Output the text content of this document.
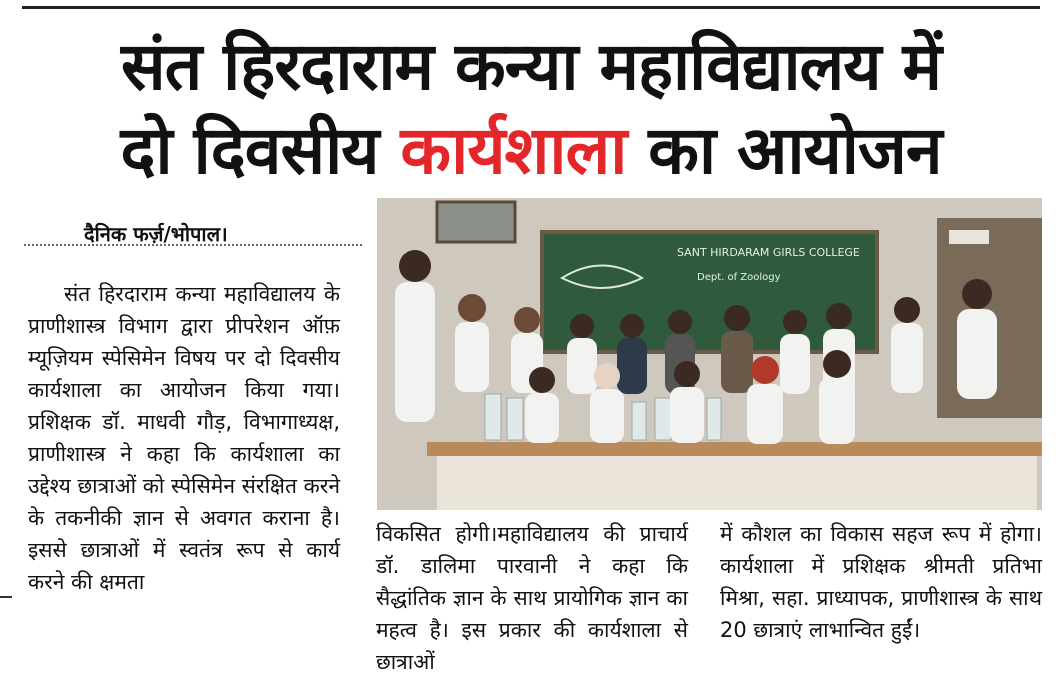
संत हिरदाराम कन्या महाविद्यालय में
दो दिवसीय कार्यशाला का आयोजन
दैनिक फर्ज़/भोपाल।

संत हिरदाराम कन्या महाविद्यालय के प्राणीशास्त्र विभाग द्वारा प्रीपरेशन ऑफ़ म्यूज़ियम स्पेसिमेन विषय पर दो दिवसीय कार्यशाला का आयोजन किया गया। प्रशिक्षक डॉ. माधवी गौड़, विभागाध्यक्ष, प्राणीशास्त्र ने कहा कि कार्यशाला का उद्देश्य छात्राओं को स्पेसिमेन संरक्षित करने के तकनीकी ज्ञान से अवगत कराना है। इससे छात्राओं में स्वतंत्र रूप से कार्य करने की क्षमता

विकसित होगी।महाविद्यालय की प्राचार्य डॉ. डालिमा पारवानी ने कहा कि सैद्धांतिक ज्ञान के साथ प्रायोगिक ज्ञान का महत्व है। इस प्रकार की कार्यशाला से छात्राओं

में कौशल का विकास सहज रूप में होगा। कार्यशाला में प्रशिक्षक श्रीमती प्रतिभा मिश्रा, सहा. प्राध्यापक, प्राणीशास्त्र के साथ 20 छात्राएं लाभान्वित हुईं।

SANT HIRDARAM GIRLS COLLEGE
Dept. of Zoology
